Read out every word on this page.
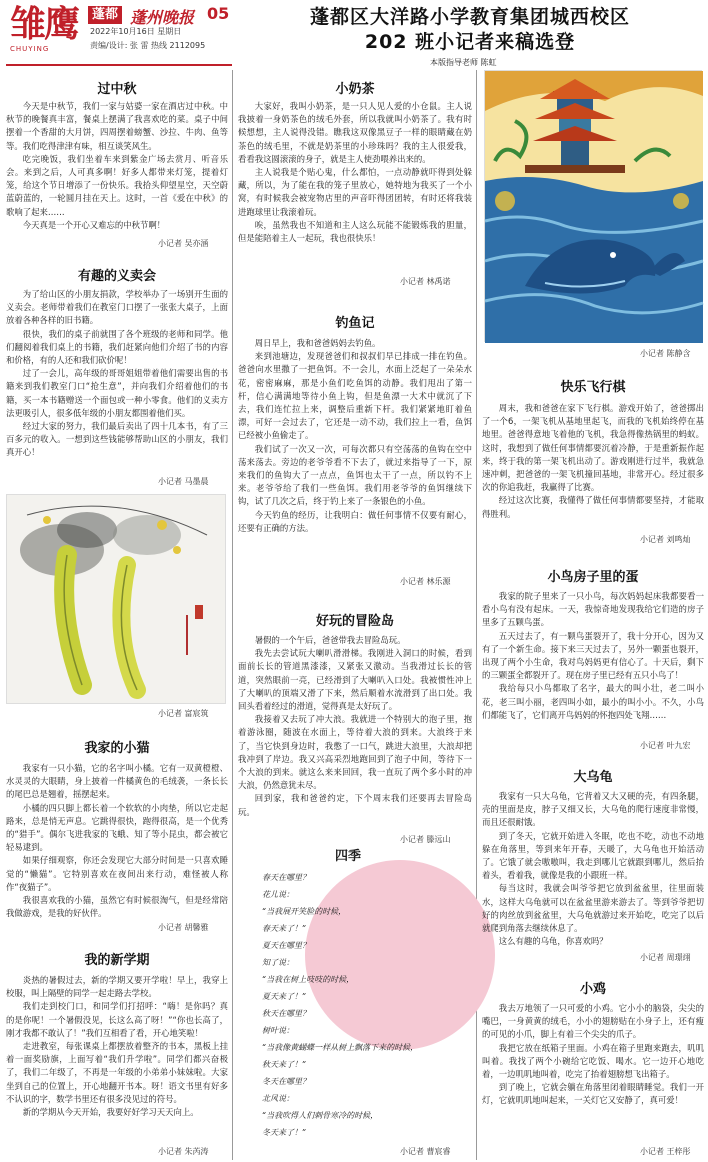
雏鹰
CHUYING
蓬都 蓬州晚报 05
2022年10月16日 星期日
责编/设计: 张 雷 热线 2112095
蓬都区大洋路小学教育集团城西校区
202 班小记者来稿选登
本版指导老师 陈虹
过中秋

今天是中秋节，我们一家与姑婆一家在酒店过中秋。中秋节的晚餐真丰富，餐桌上摆满了我喜欢吃的菜。桌子中间摆着一个香甜的大月饼，四周摆着螃蟹、沙拉、牛肉、鱼等等。我们吃得津津有味，相互谈笑风生。

吃完晚饭，我们坐着车来到紫金广场去赏月、听音乐会。来到之后，人可真多啊！好多人都带来灯笼，提着灯笼，给这个节日增添了一份快乐。我拾头仰望星空，天空蔚蓝蔚蓝的，一轮圆月挂在天上。这时，一首《爱在中秋》的歌响了起来……

今天真是一个开心又难忘的中秋节啊！

小记者 吴亦涵
有趣的义卖会

为了给山区的小朋友捐款，学校举办了一场别开生面的义卖会。老师带着我们在教室门口摆了一张张大桌子，上面放着各种各样的旧书籍。

很快，我们的桌子前就围了各个班级的老师和同学。他们翻阅着我们桌上的书籍，我们赶紧向他们介绍了书的内容和价格，有的人还和我们砍价呢！

过了一会儿，高年级的哥哥姐姐带着他们需要出售的书籍来到我们教室门口“抢生意”，并向我们介绍着他们的书籍，买一本书籍赠送一个面包或一种小零食。他们的义卖方法更吸引人，很多低年级的小朋友都围着他们买。

经过大家的努力，我们最后卖出了四十几本书，有了三百多元的收入。一想到这些钱能够帮助山区的小朋友，我们真开心！

小记者 马墨晨
小记者 富宸筑
我家的小猫

我家有一只小猫，它的名字叫小橘。它有一双黄橙橙、水灵灵的大眼睛，身上披着一件橘黄色的毛绒袭，一条长长的尾巴总是翘着，摇摆起来。

小橘的四只脚上都长着一个软软的小肉垫，所以它走起路来，总是悄无声息。它跳得很快，跑得很高，是一个优秀的“猎手”。偶尔飞进我家的飞蛾、知了等小昆虫，都会被它轻易逮到。

如果仔细观察，你还会发现它大部分时间是一只喜欢睡觉的“懒猫”。它特别喜欢在夜间出来行动，难怪被人称作“夜猫子”。

我很喜欢我的小猫，虽然它有时候很淘气，但是经常陪我做游戏，是我的好伙伴。

小记者 胡馨雅
我的新学期

炎热的暑假过去，新的学期又要开学啦！早上，我穿上校服，叫上隔壁的同学一起走路去学校。

我们走到校门口，和同学们打招呼：“嗨！是你吗？真的是你呢！一个暑假没见，长这么高了呀！”“你也长高了，刚才我都不敢认了！”我们互相看了看，开心地笑啦！

走进教室，每张课桌上都摆放着整齐的书本，黑板上挂着一面奖励旗，上面写着“我们升学啦”。同学们都兴奋极了，我们二年级了，不再是一年级的小弟弟小妹妹啦。大家坐到自己的位置上，开心地翻开书本。呀！语文书里有好多不认识的字，数学书里还有很多没见过的符号。

新的学期从今天开始，我要好好学习天天向上。

小记者 朱芮涛
小奶茶

大家好，我叫小奶茶，是一只人见人爱的小仓鼠。主人说我披着一身奶茶色的绒毛外套，所以我就叫小奶茶了。我有时候想想，主人说得没错。瞧我这双像黑豆子一样的眼睛藏在奶茶色的绒毛里，不就是奶茶里的小珍珠吗？我的主人很爱我，看看我这圆滚滚的身子，就是主人使劲喂养出来的。

主人说我是个贴心鬼，什么都怕，一点动静就吓得到处躲藏，所以，为了能在我的笼子里放心，她特地为我买了一个小窝，有时候我会被宠物店里的声音吓得团团转，有时还将我装进跑球里让我滚着玩。

唉，虽然我也不知道和主人这么玩能不能锻炼我的胆量，但是能陪着主人一起玩，我也很快乐！

小记者 林禹诺
钓鱼记

周日早上，我和爸爸妈妈去钓鱼。

来到池塘边，发现爸爸们和叔叔们早已排成一排在钓鱼。爸爸向水里撒了一把鱼饵。不一会儿，水面上泛起了一朵朵水花，密密麻麻，那是小鱼们吃鱼饵的动静。我们甩出了第一杆，信心满满地等待小鱼上钩，但是鱼漂一大术中就沉了下去，我们连忙拉上来，调整后重新下杆。我们紧紧地盯着鱼漂，可好一会过去了，它还是一动不动，我们拉上一看，鱼饵已经被小鱼偷走了。

我们试了一次又一次，可每次都只有空荡荡的鱼钩在空中荡来荡去。旁边的老爷爷看不下去了，就过来指导了一下，原来我们的鱼钩大了一点点，鱼饵也太干了一点，所以钓不上来。老爷爷给了我们一些鱼饵。我们用老爷爷的鱼饵继续下钩，试了几次之后，终于钓上来了一条银色的小鱼。

今天钓鱼的经历，让我明白：做任何事情不仅要有耐心，还要有正确的方法。

小记者 林乐源
好玩的冒险岛

暑假的一个午后，爸爸带我去冒险岛玩。

我先去尝试玩大喇叭滑滑梯。我刚进入洞口的时候，看到面前长长的管道黑漆漆，又紧张又激动。当我滑过长长的管道，突然眼前一亮，已经滑到了大喇叭入口处。我被惯性冲上了大喇叭的顶端又滑了下来，然后顺着水流滑到了出口处。我回头看着经过的滑道，觉得真是太好玩了。

我接着又去玩了冲大浪。我就进一个特别大的泡子里，抱着游泳圈，随波在水面上，等待着大浪的到来。大浪终于来了，当它快到身边时，我憋了一口气，跳进大浪里，大浪却把我冲到了岸边。我又兴高采烈地跑回到了泡子中间，等待下一个大浪的到来。就这么来来回回，我一直玩了两个多小时的冲大浪，仍然意犹未尽。

回到家，我和爸爸约定，下个周末我们还要再去冒险岛玩。

小记者 滕远山
四季
春天在哪里？
花儿说：
“当我展开笑脸的时候，
春天来了！”
夏天在哪里？
知了说：
“当我在树上吱吱的时候，
夏天来了！”
秋天在哪里？
树叶说：
“当我像黄蝴蝶一样从树上飘落下来的时候，
秋天来了！”
冬天在哪里？
北风说：
“当我吹得人们刺骨寒冷的时候，
冬天来了！”
小记者 曹宸睿
小记者 陈静含
快乐飞行棋

周末，我和爸爸在家下飞行棋。游戏开始了，爸爸掷出了一个6，一架飞机从基地里起飞，而我的飞机始终停在基地里。爸爸得意地飞着他的飞机，我急得像热锅里的蚂蚁。这时，我想到了做任何事情都要沉着冷静，于是重新振作起来，终于我的第一架飞机出动了。游戏刚进行过半，我就急速冲刺，把爸爸的一架飞机撞回基地，非常开心。经过很多次的你追我赶，我赢得了比赛。

经过这次比赛，我懂得了做任何事情都要坚持，才能取得胜利。

小记者 刘鸣灿
小鸟房子里的蛋

我家的院子里来了一只小鸟，每次妈妈起床我都要看一看小鸟有没有起床。一天，我惊奇地发现我给它们造的房子里多了五颗鸟蛋。

五天过去了，有一颗鸟蛋裂开了，我十分开心，因为又有了一个新生命。接下来三天过去了，另外一颗蛋也裂开，出现了两个小生命，我对鸟妈妈更有信心了。十天后，剩下的三颗蛋全都裂开了。现在房子里已经有五只小鸟了！

我给每只小鸟都取了名字，最大的叫小壮，老二叫小花，老三叫小丽，老四叫小如，最小的叫小小。不久，小鸟们都能飞了，它们离开鸟妈妈的怀抱四处飞翔……

小记者 叶九宏
大乌龟

我家有一只大乌龟，它背着又大又硬的壳，有四条腿，壳的里面是皮，脖子又细又长，大乌龟的爬行速度非常慢，而且还很耐饿。

到了冬天，它就开始进入冬眠，吃也不吃，动也不动地躲在角落里，等到来年开春，天暖了，大乌龟也开始活动了。它饿了就会嗷嗷叫，我走到哪儿它就跟到哪儿，然后抬着头，看着我，就像是我的小跟班一样。

每当这时，我就会叫爷爷把它放到盆盆里，往里面装水，这样大乌龟就可以在盆盆里游来游去了。等到爷爷把切好的肉丝放到盆盆里，大乌龟就游过来开始吃，吃完了以后就爬到角落去继续休息了。

这么有趣的乌龟，你喜欢吗？

小记者 周璟翊
小鸡

我去万地领了一只可爱的小鸡。它小小的脑袋，尖尖的嘴巴，一身黄黄的绒毛，小小的翅膀贴在小身子上，还有瘦的可见的小爪，脚上有着三个尖尖的爪子。

我把它放在纸箱子里面。小鸡在箱子里跑来跑去，叽叽叫着。我找了两个小碗给它吃饭、喝水。它一边开心地吃着，一边叽叽地叫着，吃完了抬着翅膀想飞出箱子。

到了晚上，它就会躺在角落里闭着眼睛睡觉。我们一开灯，它就叽叽地叫起来，一关灯它又安静了，真可爱！

小记者 王梓彤
